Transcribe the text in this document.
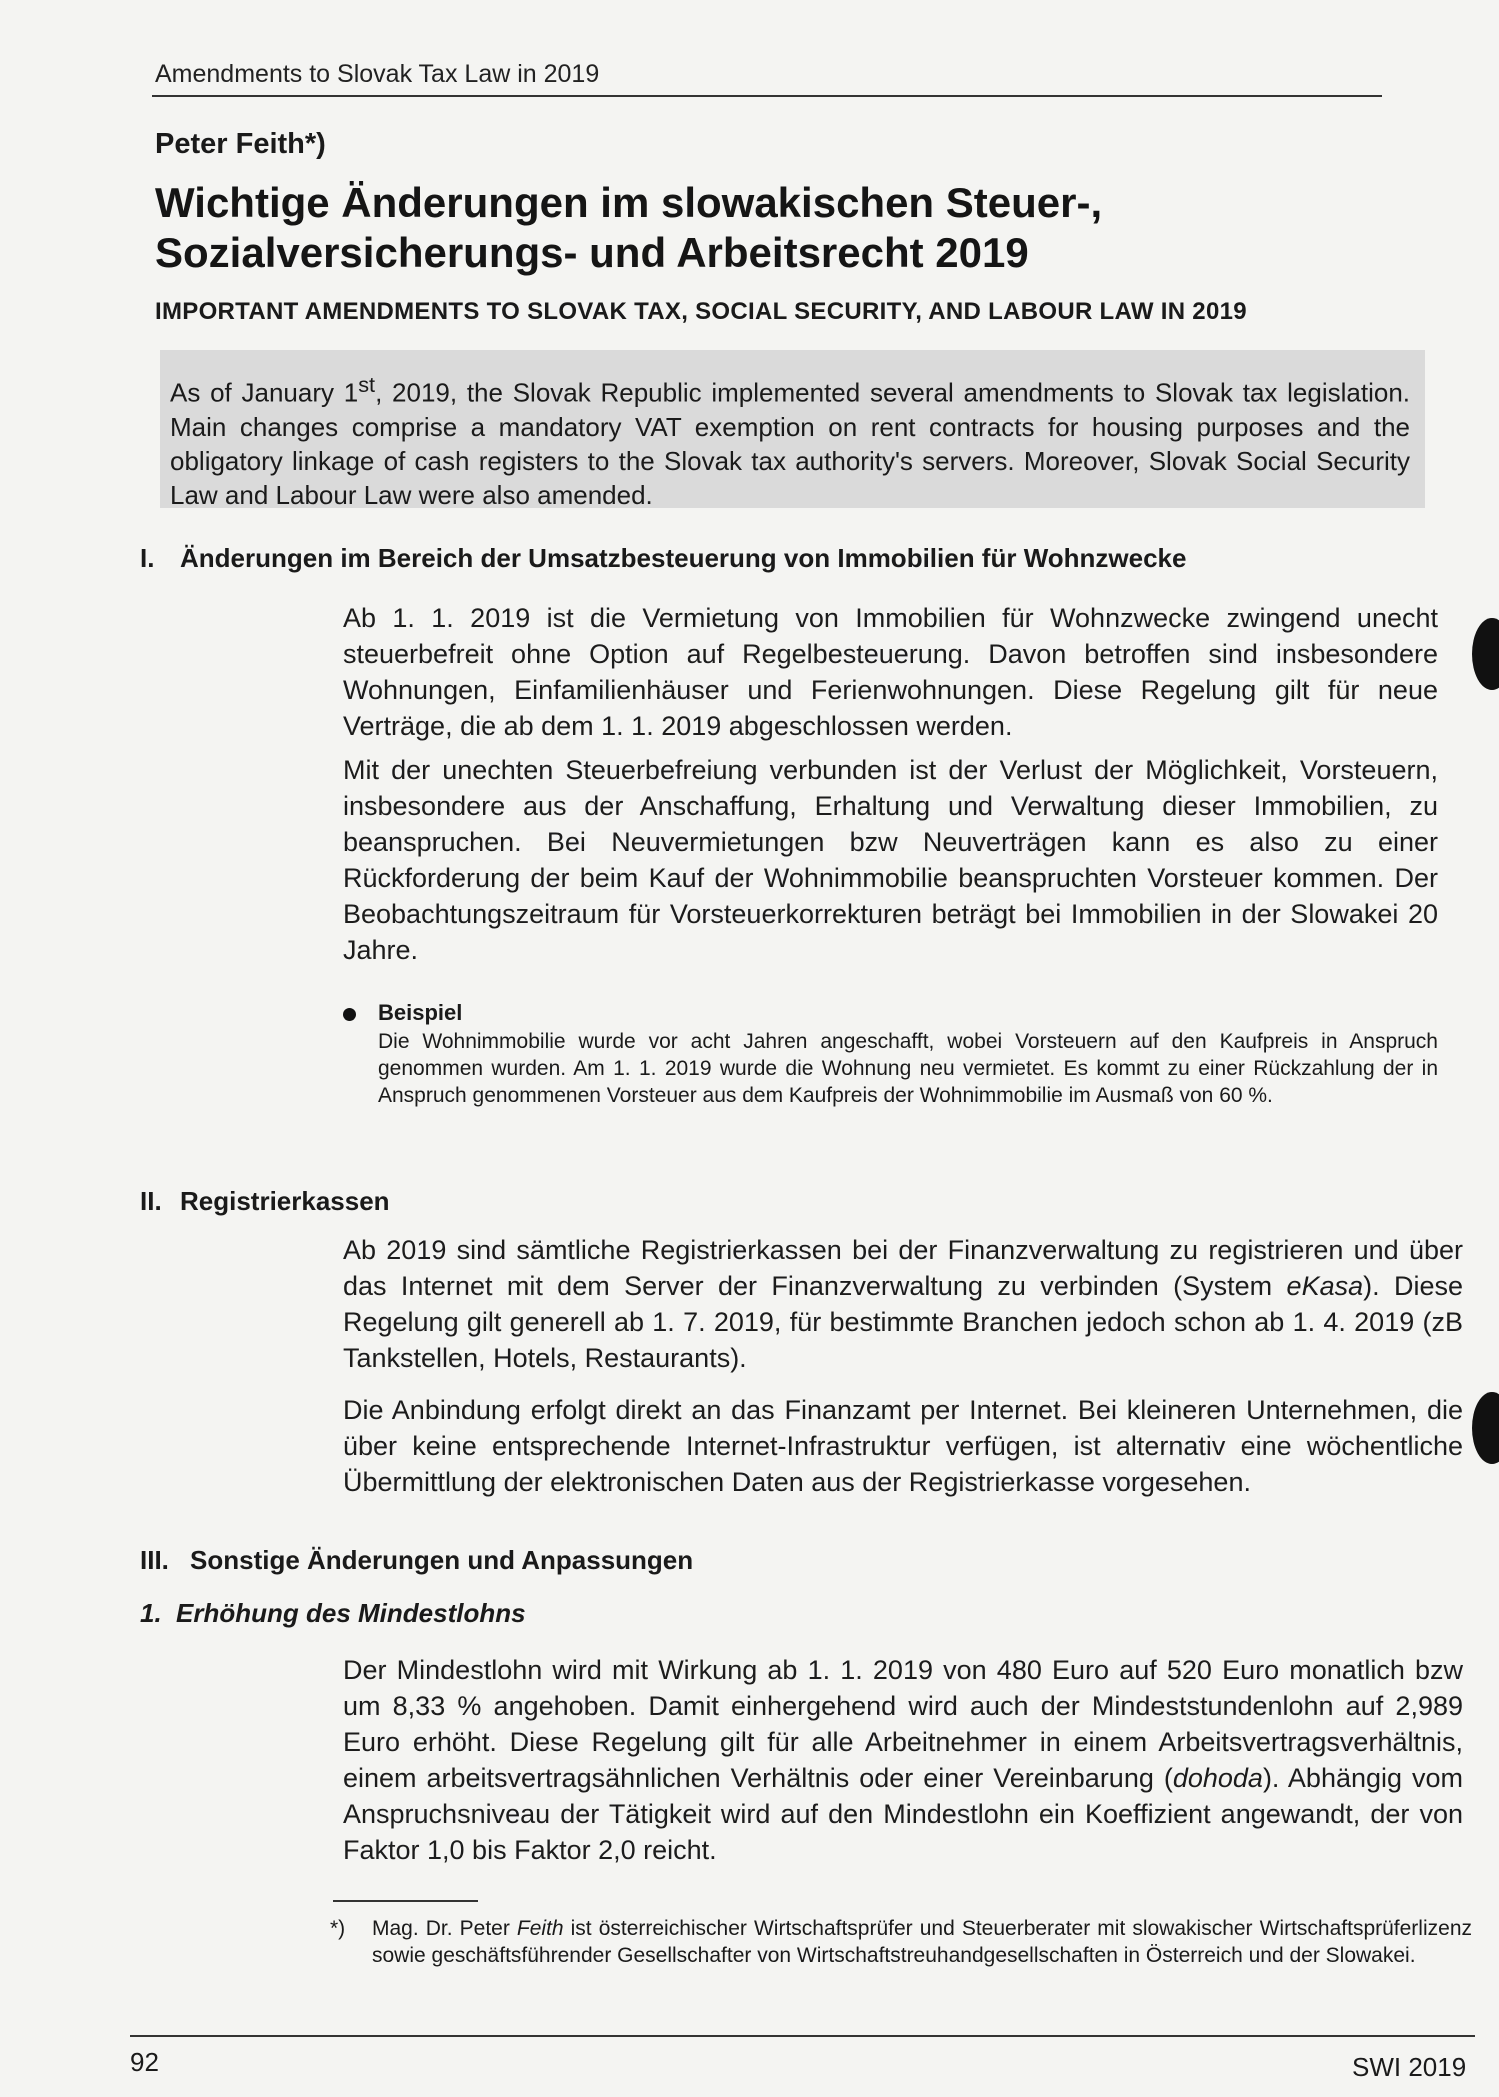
Amendments to Slovak Tax Law in 2019
Peter Feith*)
Wichtige Änderungen im slowakischen Steuer-,
Sozialversicherungs- und Arbeitsrecht 2019
IMPORTANT AMENDMENTS TO SLOVAK TAX, SOCIAL SECURITY, AND LABOUR LAW IN 2019
As of January 1st, 2019, the Slovak Republic implemented several amendments to Slovak tax legislation. Main changes comprise a mandatory VAT exemption on rent contracts for housing purposes and the obligatory linkage of cash registers to the Slovak tax authority's servers. Moreover, Slovak Social Security Law and Labour Law were also amended.
I. Änderungen im Bereich der Umsatzbesteuerung von Immobilien für Wohnzwecke
Ab 1. 1. 2019 ist die Vermietung von Immobilien für Wohnzwecke zwingend unecht steuerbefreit ohne Option auf Regelbesteuerung. Davon betroffen sind insbesondere Wohnungen, Einfamilienhäuser und Ferienwohnungen. Diese Regelung gilt für neue Verträge, die ab dem 1. 1. 2019 abgeschlossen werden.
Mit der unechten Steuerbefreiung verbunden ist der Verlust der Möglichkeit, Vorsteuern, insbesondere aus der Anschaffung, Erhaltung und Verwaltung dieser Immobilien, zu beanspruchen. Bei Neuvermietungen bzw Neuverträgen kann es also zu einer Rückforderung der beim Kauf der Wohnimmobilie beanspruchten Vorsteuer kommen. Der Beobachtungszeitraum für Vorsteuerkorrekturen beträgt bei Immobilien in der Slowakei 20 Jahre.
Beispiel
Die Wohnimmobilie wurde vor acht Jahren angeschafft, wobei Vorsteuern auf den Kaufpreis in Anspruch genommen wurden. Am 1. 1. 2019 wurde die Wohnung neu vermietet. Es kommt zu einer Rückzahlung der in Anspruch genommenen Vorsteuer aus dem Kaufpreis der Wohnimmobilie im Ausmaß von 60 %.
II. Registrierkassen
Ab 2019 sind sämtliche Registrierkassen bei der Finanzverwaltung zu registrieren und über das Internet mit dem Server der Finanzverwaltung zu verbinden (System eKasa). Diese Regelung gilt generell ab 1. 7. 2019, für bestimmte Branchen jedoch schon ab 1. 4. 2019 (zB Tankstellen, Hotels, Restaurants).
Die Anbindung erfolgt direkt an das Finanzamt per Internet. Bei kleineren Unternehmen, die über keine entsprechende Internet-Infrastruktur verfügen, ist alternativ eine wöchentliche Übermittlung der elektronischen Daten aus der Registrierkasse vorgesehen.
III. Sonstige Änderungen und Anpassungen
1. Erhöhung des Mindestlohns
Der Mindestlohn wird mit Wirkung ab 1. 1. 2019 von 480 Euro auf 520 Euro monatlich bzw um 8,33 % angehoben. Damit einhergehend wird auch der Mindeststundenlohn auf 2,989 Euro erhöht. Diese Regelung gilt für alle Arbeitnehmer in einem Arbeitsvertragsverhältnis, einem arbeitsvertragsähnlichen Verhältnis oder einer Vereinbarung (dohoda). Abhängig vom Anspruchsniveau der Tätigkeit wird auf den Mindestlohn ein Koeffizient angewandt, der von Faktor 1,0 bis Faktor 2,0 reicht.
*) Mag. Dr. Peter Feith ist österreichischer Wirtschaftsprüfer und Steuerberater mit slowakischer Wirtschaftsprüferlizenz sowie geschäftsführender Gesellschafter von Wirtschaftstreuhandgesellschaften in Österreich und der Slowakei.
92	SWI 2019
